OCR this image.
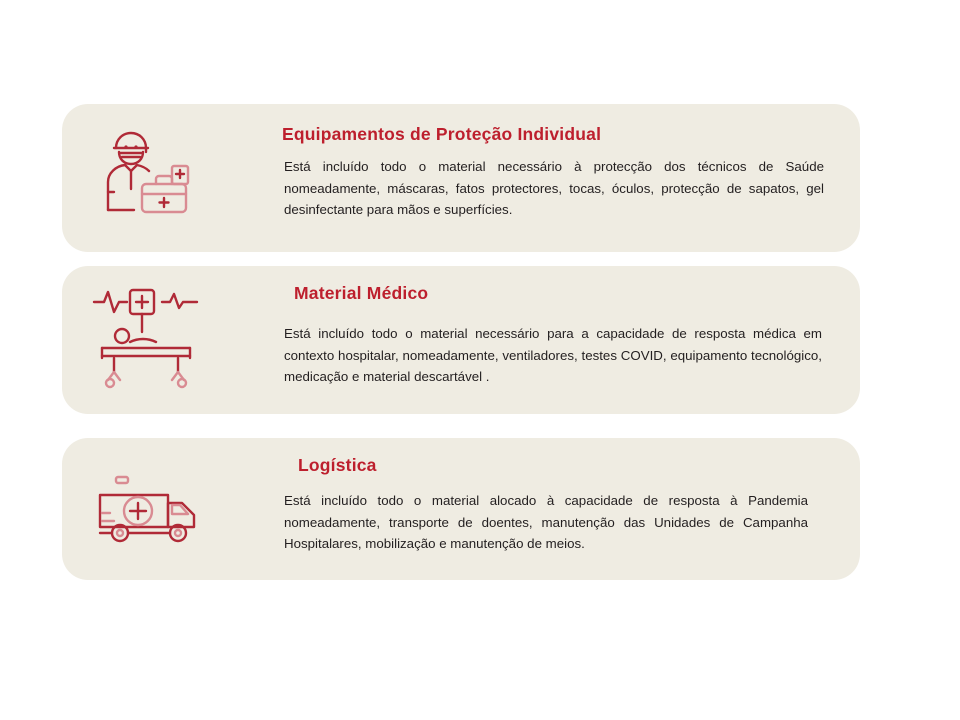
Equipamentos de Proteção Individual
Está incluído todo o material necessário à protecção dos técnicos de Saúde nomeadamente, máscaras, fatos protectores, tocas, óculos, protecção de sapatos, gel desinfectante para mãos e superfícies.
Material Médico
Está incluído todo o material necessário para a capacidade de resposta médica em contexto hospitalar, nomeadamente, ventiladores, testes COVID, equipamento tecnológico, medicação e material descartável .
Logística
Está incluído todo o material alocado à capacidade de resposta à Pandemia nomeadamente, transporte de doentes, manutenção das Unidades de Campanha Hospitalares, mobilização e manutenção de meios.
